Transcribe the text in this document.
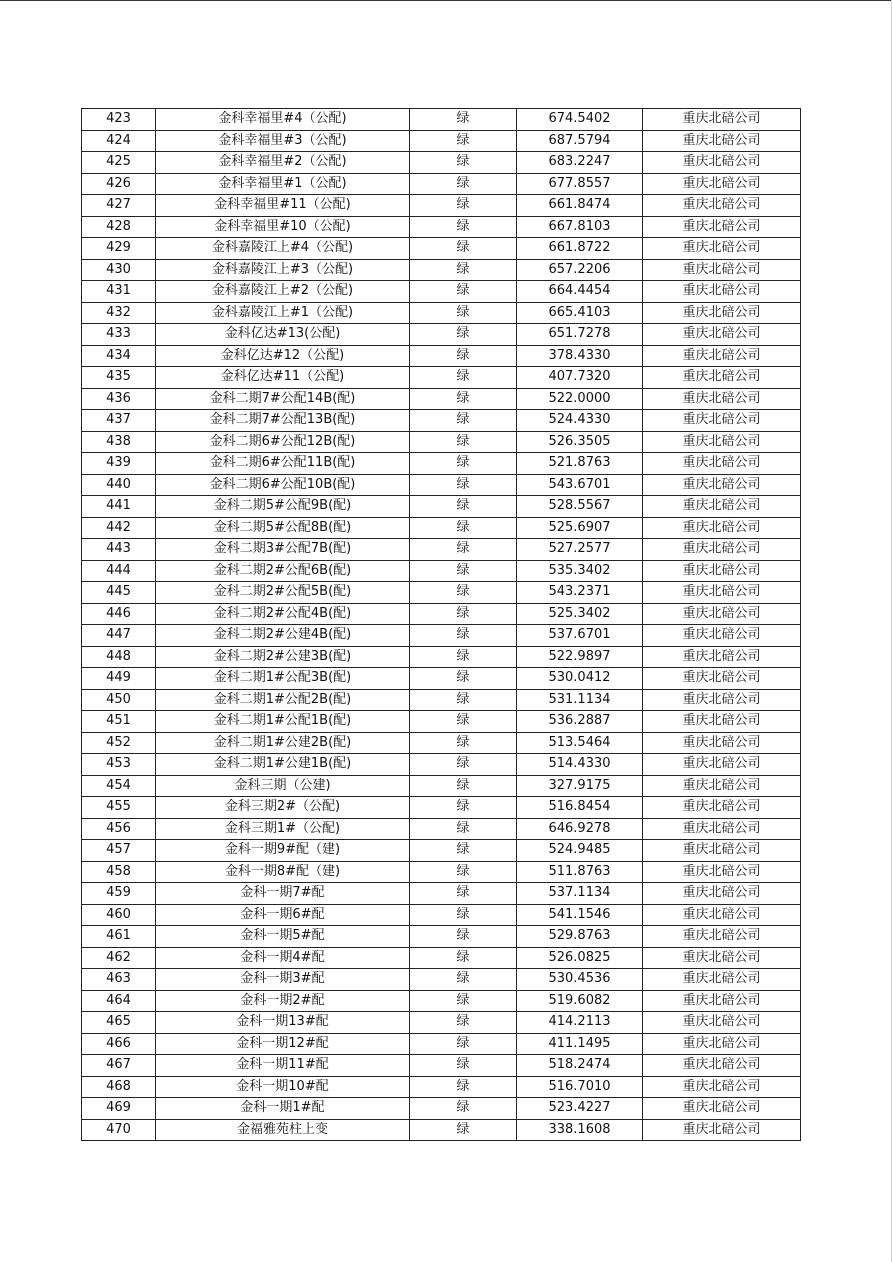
423	金科幸福里#4（公配)	绿	674.5402	重庆北碚公司
424	金科幸福里#3（公配)	绿	687.5794	重庆北碚公司
425	金科幸福里#2（公配)	绿	683.2247	重庆北碚公司
426	金科幸福里#1（公配)	绿	677.8557	重庆北碚公司
427	金科幸福里#11（公配)	绿	661.8474	重庆北碚公司
428	金科幸福里#10（公配)	绿	667.8103	重庆北碚公司
429	金科嘉陵江上#4（公配)	绿	661.8722	重庆北碚公司
430	金科嘉陵江上#3（公配)	绿	657.2206	重庆北碚公司
431	金科嘉陵江上#2（公配)	绿	664.4454	重庆北碚公司
432	金科嘉陵江上#1（公配)	绿	665.4103	重庆北碚公司
433	金科亿达#13(公配)	绿	651.7278	重庆北碚公司
434	金科亿达#12（公配)	绿	378.4330	重庆北碚公司
435	金科亿达#11（公配)	绿	407.7320	重庆北碚公司
436	金科二期7#公配14B(配)	绿	522.0000	重庆北碚公司
437	金科二期7#公配13B(配)	绿	524.4330	重庆北碚公司
438	金科二期6#公配12B(配)	绿	526.3505	重庆北碚公司
439	金科二期6#公配11B(配)	绿	521.8763	重庆北碚公司
440	金科二期6#公配10B(配)	绿	543.6701	重庆北碚公司
441	金科二期5#公配9B(配)	绿	528.5567	重庆北碚公司
442	金科二期5#公配8B(配)	绿	525.6907	重庆北碚公司
443	金科二期3#公配7B(配)	绿	527.2577	重庆北碚公司
444	金科二期2#公配6B(配)	绿	535.3402	重庆北碚公司
445	金科二期2#公配5B(配)	绿	543.2371	重庆北碚公司
446	金科二期2#公配4B(配)	绿	525.3402	重庆北碚公司
447	金科二期2#公建4B(配)	绿	537.6701	重庆北碚公司
448	金科二期2#公建3B(配)	绿	522.9897	重庆北碚公司
449	金科二期1#公配3B(配)	绿	530.0412	重庆北碚公司
450	金科二期1#公配2B(配)	绿	531.1134	重庆北碚公司
451	金科二期1#公配1B(配)	绿	536.2887	重庆北碚公司
452	金科二期1#公建2B(配)	绿	513.5464	重庆北碚公司
453	金科二期1#公建1B(配)	绿	514.4330	重庆北碚公司
454	金科三期（公建)	绿	327.9175	重庆北碚公司
455	金科三期2#（公配)	绿	516.8454	重庆北碚公司
456	金科三期1#（公配)	绿	646.9278	重庆北碚公司
457	金科一期9#配（建)	绿	524.9485	重庆北碚公司
458	金科一期8#配（建)	绿	511.8763	重庆北碚公司
459	金科一期7#配	绿	537.1134	重庆北碚公司
460	金科一期6#配	绿	541.1546	重庆北碚公司
461	金科一期5#配	绿	529.8763	重庆北碚公司
462	金科一期4#配	绿	526.0825	重庆北碚公司
463	金科一期3#配	绿	530.4536	重庆北碚公司
464	金科一期2#配	绿	519.6082	重庆北碚公司
465	金科一期13#配	绿	414.2113	重庆北碚公司
466	金科一期12#配	绿	411.1495	重庆北碚公司
467	金科一期11#配	绿	518.2474	重庆北碚公司
468	金科一期10#配	绿	516.7010	重庆北碚公司
469	金科一期1#配	绿	523.4227	重庆北碚公司
470	金福雅苑柱上变	绿	338.1608	重庆北碚公司
